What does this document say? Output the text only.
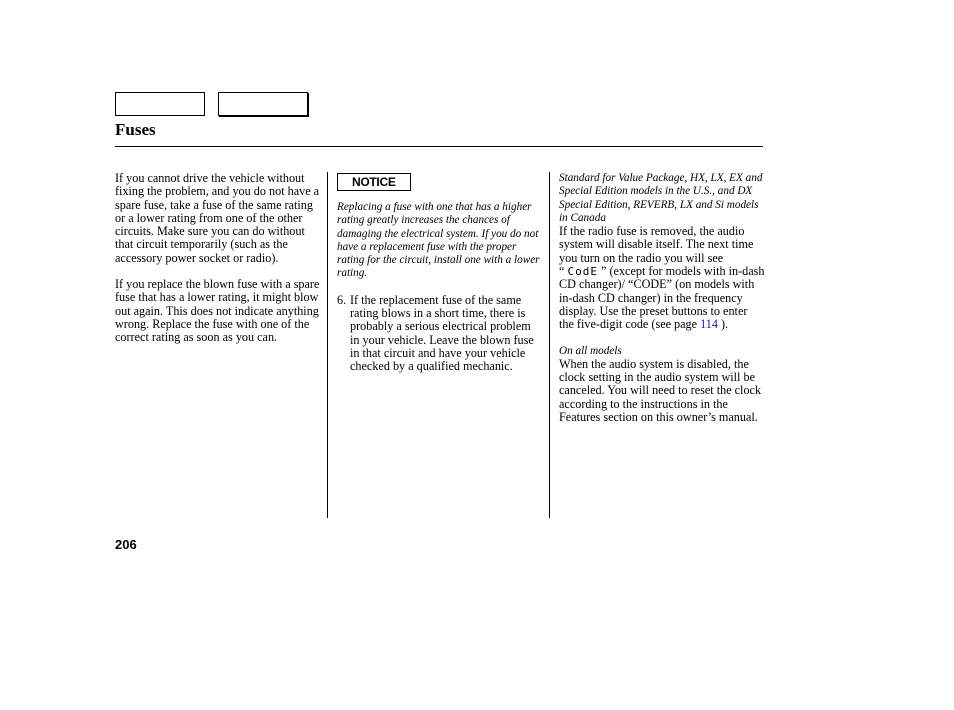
Fuses

If you cannot drive the vehicle without fixing the problem, and you do not have a spare fuse, take a fuse of the same rating or a lower rating from one of the other circuits. Make sure you can do without that circuit temporarily (such as the accessory power socket or radio).

If you replace the blown fuse with a spare fuse that has a lower rating, it might blow out again. This does not indicate anything wrong. Replace the fuse with one of the correct rating as soon as you can.

NOTICE

Replacing a fuse with one that has a higher rating greatly increases the chances of damaging the electrical system. If you do not have a replacement fuse with the proper rating for the circuit, install one with a lower rating.

6. If the replacement fuse of the same rating blows in a short time, there is probably a serious electrical problem in your vehicle. Leave the blown fuse in that circuit and have your vehicle checked by a qualified mechanic.

Standard for Value Package, HX, LX, EX and Special Edition models in the U.S., and DX Special Edition, REVERB, LX and Si models in Canada

If the radio fuse is removed, the audio system will disable itself. The next time you turn on the radio you will see “ CodE ” (except for models with in-dash CD changer)/ “CODE” (on models with in-dash CD changer) in the frequency display. Use the preset buttons to enter the five-digit code (see page 114 ).

On all models

When the audio system is disabled, the clock setting in the audio system will be canceled. You will need to reset the clock according to the instructions in the Features section on this owner’s manual.

206
